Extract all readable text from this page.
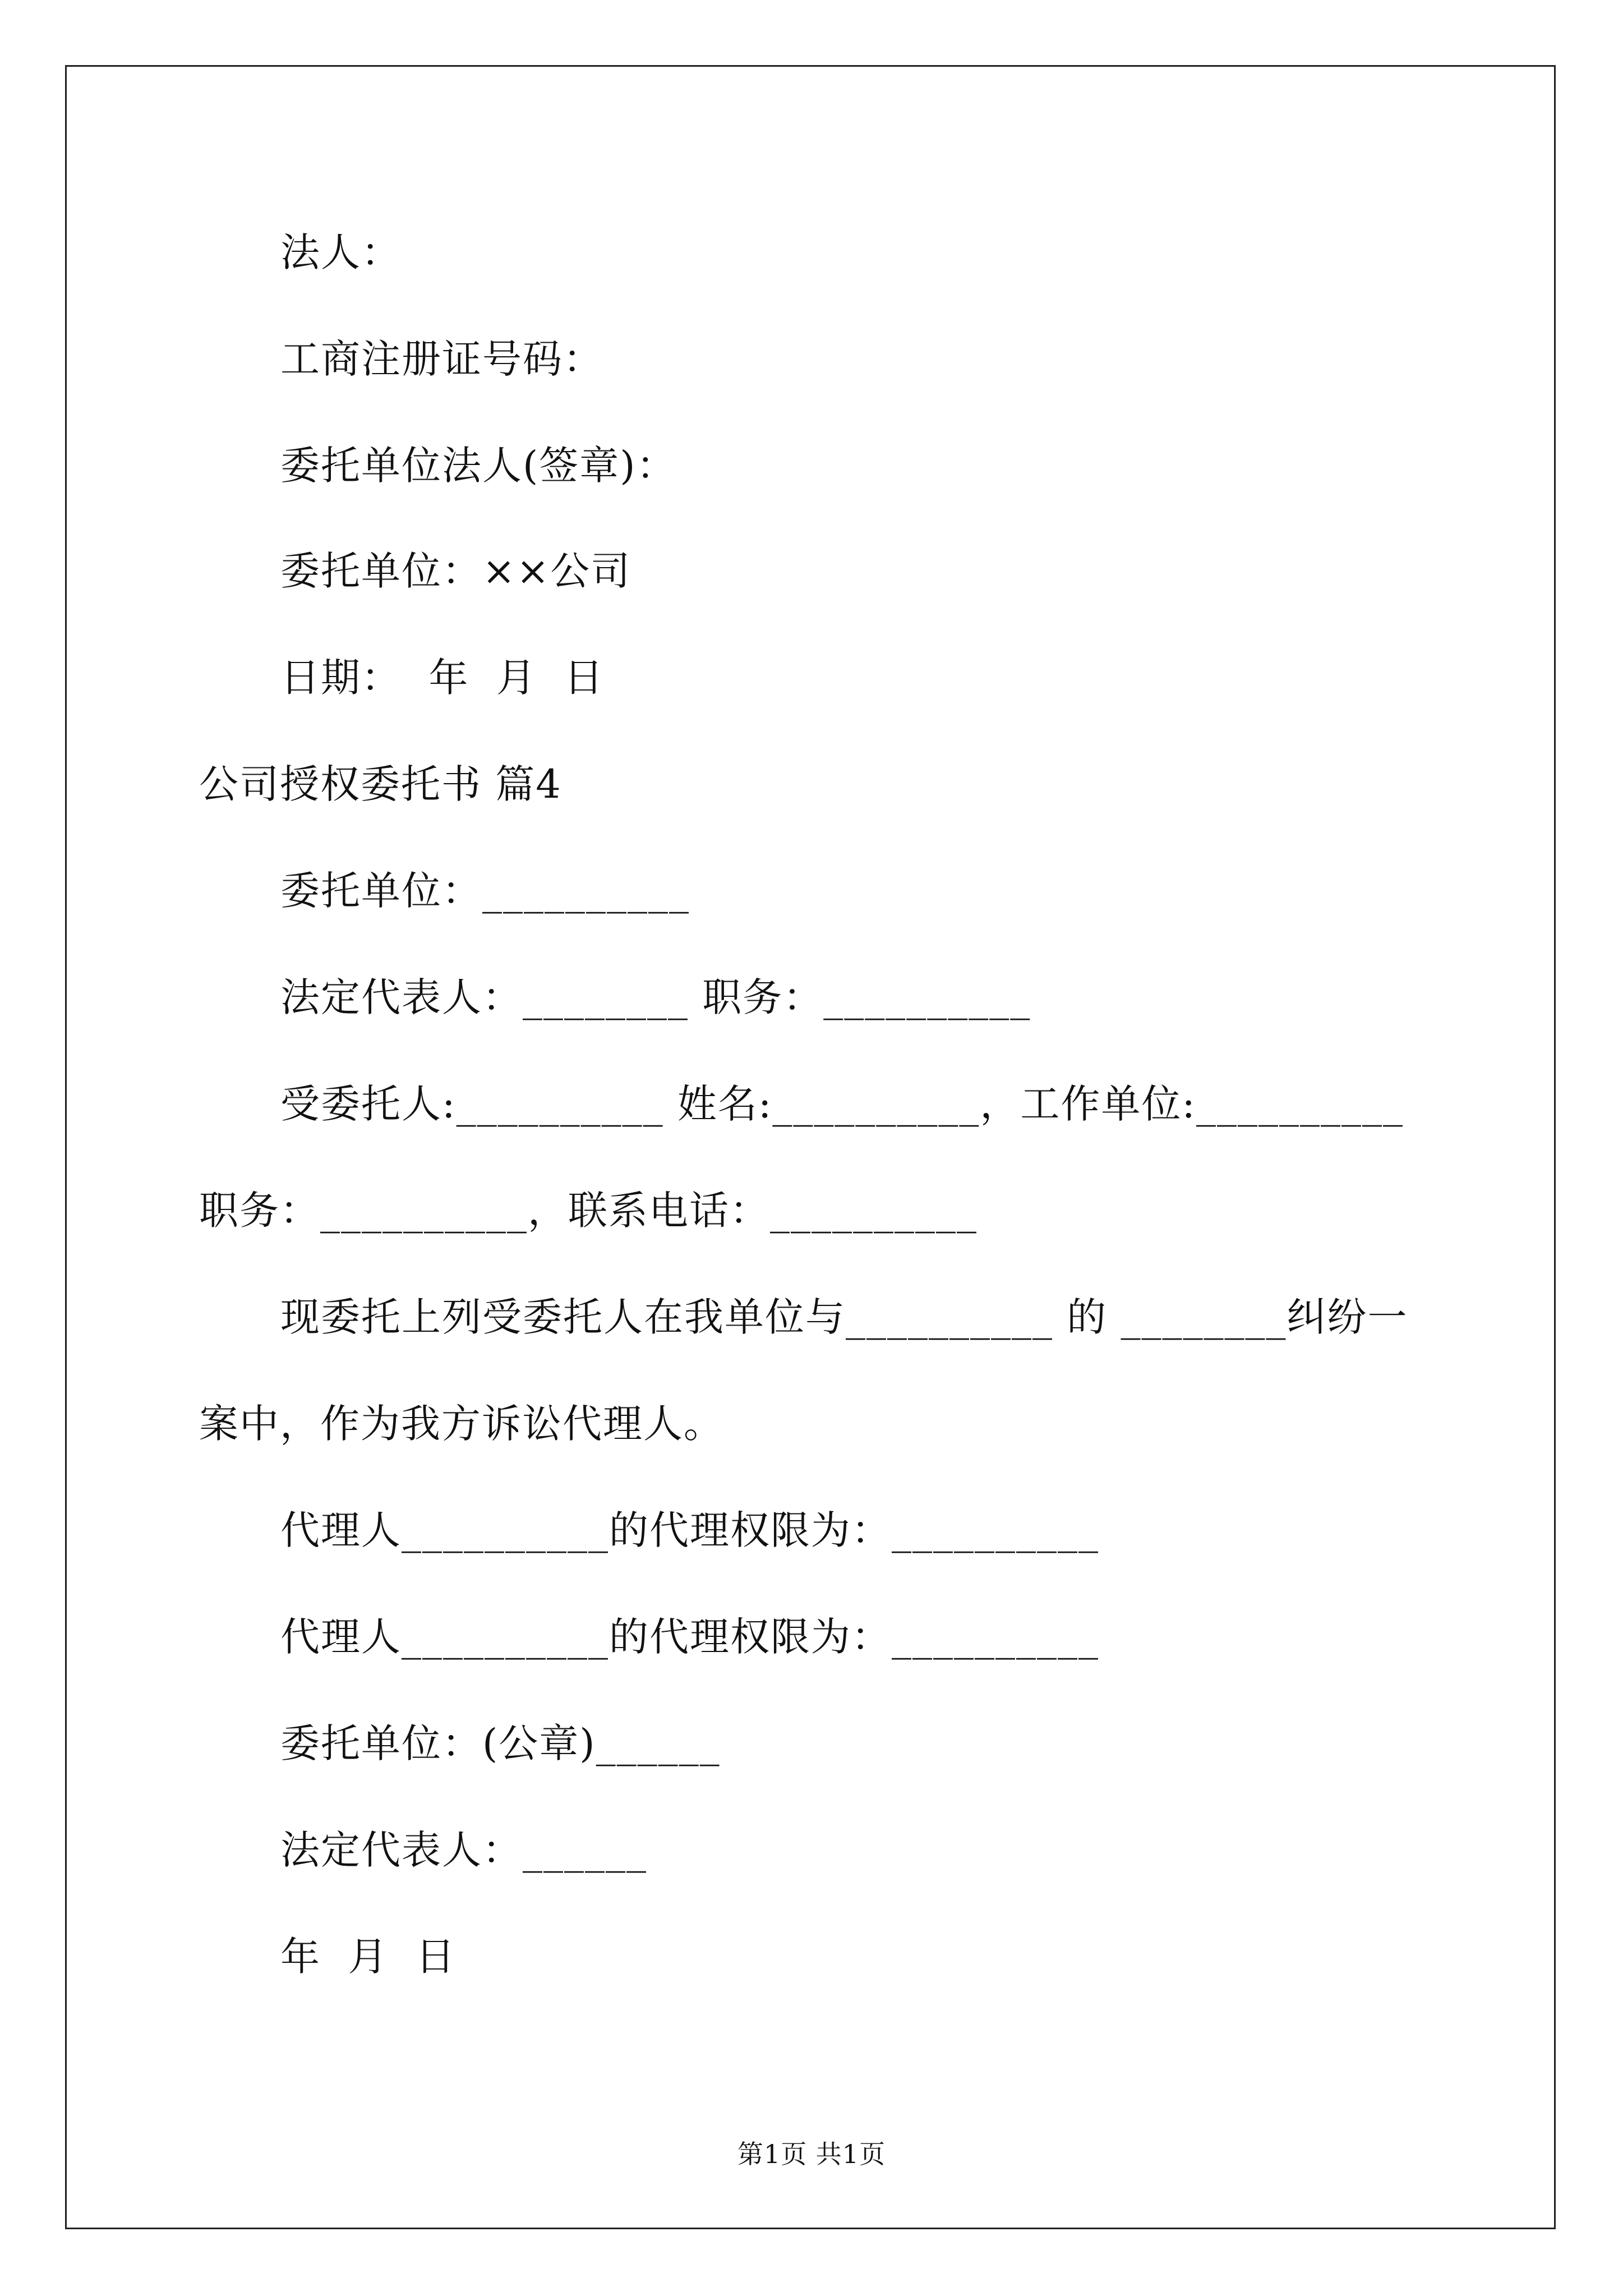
法人：
工商注册证号码：
委托单位法人(签章)：
委托单位：××公司
日期：  年  月  日
公司授权委托书 篇4
委托单位：__________
法定代表人：________ 职务：__________
受委托人:__________ 姓名:__________，工作单位:__________
职务：__________，联系电话：__________
现委托上列受委托人在我单位与__________ 的 ________纠纷一
案中，作为我方诉讼代理人。
代理人__________的代理权限为：__________
代理人__________的代理权限为：__________
委托单位：(公章)______
法定代表人：______
年  月  日
第1页 共1页
